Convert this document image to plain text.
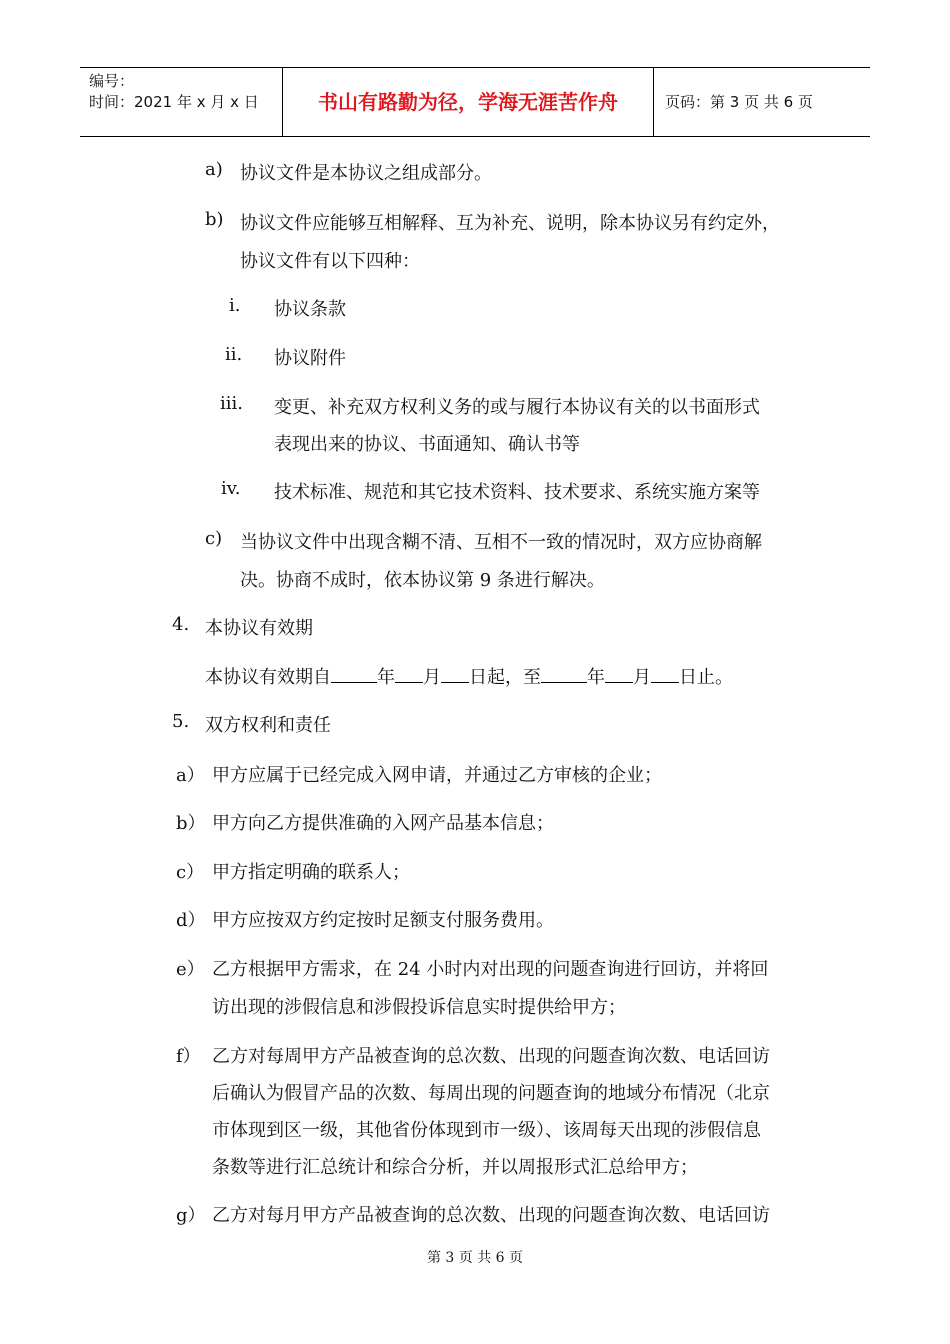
编号：
时间：2021 年 x 月 x 日	书山有路勤为径，学海无涯苦作舟	页码：第 3 页 共 6 页
a) 协议文件是本协议之组成部分。
b) 协议文件应能够互相解释、互为补充、说明，除本协议另有约定外，
协议文件有以下四种：
i. 协议条款
ii. 协议附件
iii. 变更、补充双方权利义务的或与履行本协议有关的以书面形式
表现出来的协议、书面通知、确认书等
iv. 技术标准、规范和其它技术资料、技术要求、系统实施方案等
c) 当协议文件中出现含糊不清、互相不一致的情况时，双方应协商解
决。协商不成时，依本协议第 9 条进行解决。
4. 本协议有效期
本协议有效期自	年 月 日起，至	年 月 日止。
5. 双方权利和责任
a） 甲方应属于已经完成入网申请，并通过乙方审核的企业；
b） 甲方向乙方提供准确的入网产品基本信息；
c） 甲方指定明确的联系人；
d） 甲方应按双方约定按时足额支付服务费用。
e） 乙方根据甲方需求，在 24 小时内对出现的问题查询进行回访，并将回
访出现的涉假信息和涉假投诉信息实时提供给甲方；
f） 乙方对每周甲方产品被查询的总次数、出现的问题查询次数、电话回访
后确认为假冒产品的次数、每周出现的问题查询的地域分布情况（北京
市体现到区一级，其他省份体现到市一级）、该周每天出现的涉假信息
条数等进行汇总统计和综合分析，并以周报形式汇总给甲方；
g） 乙方对每月甲方产品被查询的总次数、出现的问题查询次数、电话回访
第 3 页 共 6 页
